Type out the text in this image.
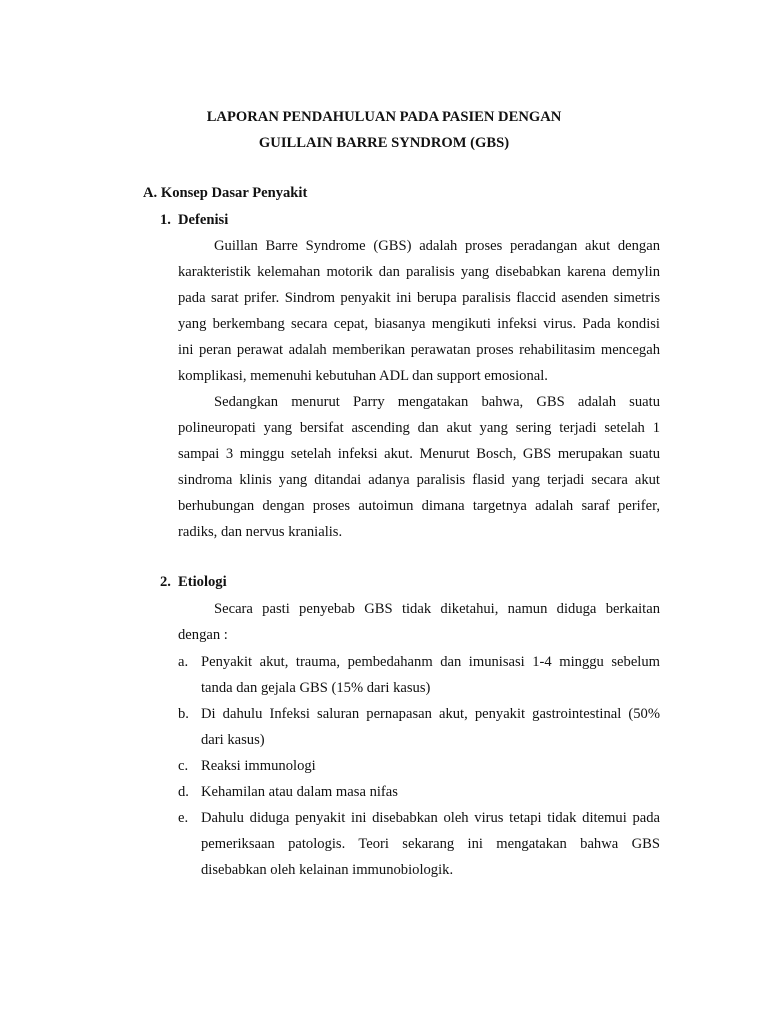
LAPORAN PENDAHULUAN PADA PASIEN DENGAN
GUILLAIN BARRE SYNDROM (GBS)
A. Konsep Dasar Penyakit
1. Defenisi
Guillan Barre Syndrome (GBS) adalah proses peradangan akut dengan
karakteristik kelemahan motorik dan paralisis yang disebabkan karena demylin
pada sarat prifer. Sindrom penyakit ini berupa paralisis flaccid asenden simetris
yang berkembang secara cepat, biasanya mengikuti infeksi virus. Pada kondisi
ini peran perawat adalah memberikan perawatan proses rehabilitasim mencegah
komplikasi, memenuhi kebutuhan ADL dan support emosional.
Sedangkan menurut Parry mengatakan bahwa, GBS adalah suatu
polineuropati yang bersifat ascending dan akut yang sering terjadi setelah 1
sampai 3 minggu setelah infeksi akut. Menurut Bosch, GBS merupakan suatu
sindroma klinis yang ditandai adanya paralisis flasid yang terjadi secara akut
berhubungan dengan proses autoimun dimana targetnya adalah saraf perifer,
radiks, dan nervus kranialis.
2. Etiologi
Secara pasti penyebab GBS tidak diketahui, namun diduga berkaitan
dengan :
a. Penyakit akut, trauma, pembedahanm dan imunisasi 1-4 minggu sebelum
tanda dan gejala GBS (15% dari kasus)
b. Di dahulu Infeksi saluran pernapasan akut, penyakit gastrointestinal (50%
dari kasus)
c. Reaksi immunologi
d. Kehamilan atau dalam masa nifas
e. Dahulu diduga penyakit ini disebabkan oleh virus tetapi tidak ditemui pada
pemeriksaan patologis. Teori sekarang ini mengatakan bahwa GBS
disebabkan oleh kelainan immunobiologik.
